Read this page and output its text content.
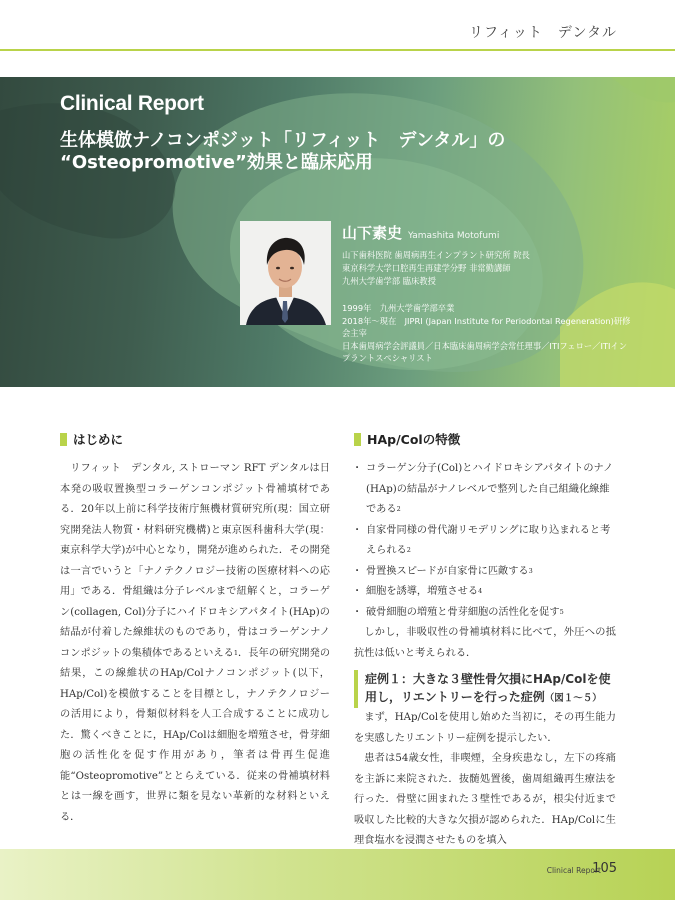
リフィット　デンタル
Clinical Report
生体模倣ナノコンポジット「リフィット　デンタル」の
“Osteopromotive”効果と臨床応用
山下素史 Yamashita Motofumi
山下歯科医院 歯周病再生インプラント研究所 院長
東京科学大学口腔再生再建学分野 非常勤講師
九州大学歯学部 臨床教授
1999年　九州大学歯学部卒業
2018年〜現在　JIPRI (Japan Institute for Periodontal Regeneration)研修会主宰
日本歯周病学会評議員／日本臨床歯周病学会常任理事／ITIフェロー／ITIインプラントスペシャリスト
はじめに

リフィット　デンタル, ストローマン RFT デンタルは日本発の吸収置換型コラーゲンコンポジット骨補填材である．20年以上前に科学技術庁無機材質研究所(現：国立研究開発法人物質・材料研究機構)と東京医科歯科大学(現：東京科学大学)が中心となり，開発が進められた．その開発は一言でいうと「ナノテクノロジー技術の医療材料への応用」である．骨組織は分子レベルまで紐解くと，コラーゲン(collagen, Col)分子にハイドロキシアパタイト(HAp)の結晶が付着した線維状のものであり，骨はコラーゲンナノコンポジットの集積体であるといえる$^1$．長年の研究開発の結果，この線維状のHAp/Colナノコンポジット(以下，HAp/Col)を模倣することを目標とし，ナノテクノロジーの活用により，骨類似材料を人工合成することに成功した．驚くべきことに，HAp/Colは細胞を増殖させ，骨芽細胞の活性化を促す作用があり，筆者は骨再生促進能“Osteopromotive”ととらえている．従来の骨補填材料とは一線を画す，世界に類を見ない革新的な材料といえる．

HAp/Colの特徴
・ コラーゲン分子(Col)とハイドロキシアパタイトのナノ(HAp)の結晶がナノレベルで整列した自己組織化線維である$^2$
・ 自家骨同様の骨代謝リモデリングに取り込まれると考えられる$^2$
・ 骨置換スピードが自家骨に匹敵する$^3$
・ 細胞を誘導，増殖させる$^4$
・ 破骨細胞の増殖と骨芽細胞の活性化を促す$^5$

しかし，非吸収性の骨補填材料に比べて，外圧への抵抗性は低いと考えられる．

症例１：大きな３壁性骨欠損にHAp/Colを使用し，リエントリーを行った症例（図１～５）

まず，HAp/Colを使用し始めた当初に，その再生能力を実感したリエントリー症例を提示したい．

患者は54歳女性，非喫煙，全身疾患なし，左下の疼痛を主訴に来院された．抜髄処置後，歯周組織再生療法を行った．骨壁に囲まれた３壁性であるが，根尖付近まで吸収した比較的大きな欠損が認められた．HAp/Colに生理食塩水を浸潤させたものを填入

Clinical Report
105
